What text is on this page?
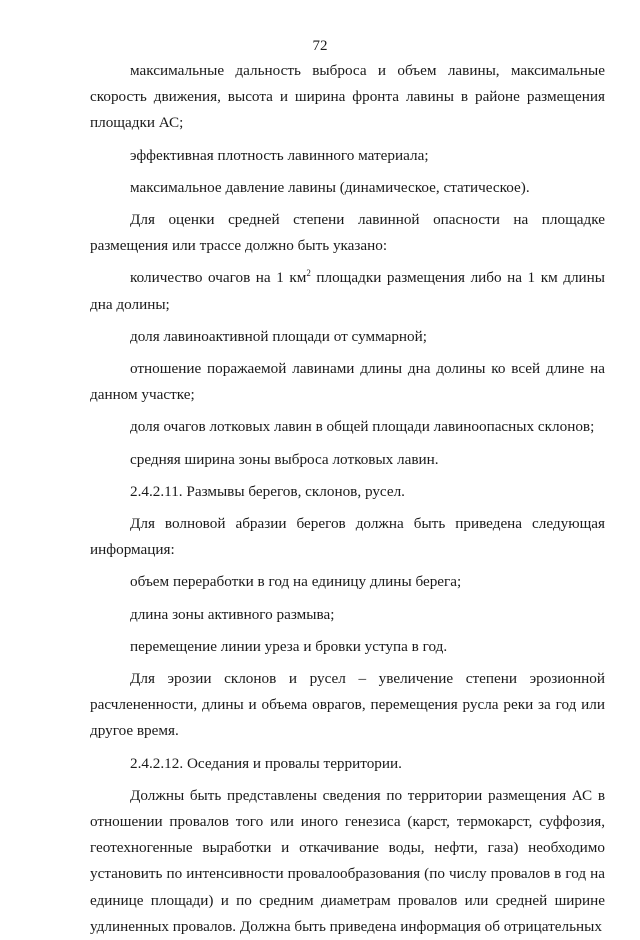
72

максимальные дальность выброса и объем лавины, максимальные скорость движения, высота и ширина фронта лавины в районе размещения площадки АС;

эффективная плотность лавинного материала;

максимальное давление лавины (динамическое, статическое).

Для оценки средней степени лавинной опасности на площадке размещения или трассе должно быть указано:

количество очагов на 1 $км^2$ площадки размещения либо на 1 км длины дна долины;

доля лавиноактивной площади от суммарной;

отношение поражаемой лавинами длины дна долины ко всей длине на данном участке;

доля очагов лотковых лавин в общей площади лавиноопасных склонов;

средняя ширина зоны выброса лотковых лавин.

2.4.2.11. Размывы берегов, склонов, русел.

Для волновой абразии берегов должна быть приведена следующая информация:

объем переработки в год на единицу длины берега;

длина зоны активного размыва;

перемещение линии уреза и бровки уступа в год.

Для эрозии склонов и русел – увеличение степени эрозионной расчлененности, длины и объема оврагов, перемещения русла реки за год или другое время.

2.4.2.12. Оседания и провалы территории.

Должны быть представлены сведения по территории размещения АС в отношении провалов того или иного генезиса (карст, термокарст, суффозия, геотехногенные выработки и откачивание воды, нефти, газа) необходимо установить по интенсивности провалообразования (по числу провалов в год на единице площади) и по средним диаметрам провалов или средней ширине удлиненных провалов. Должна быть приведена информация об отрицательных
